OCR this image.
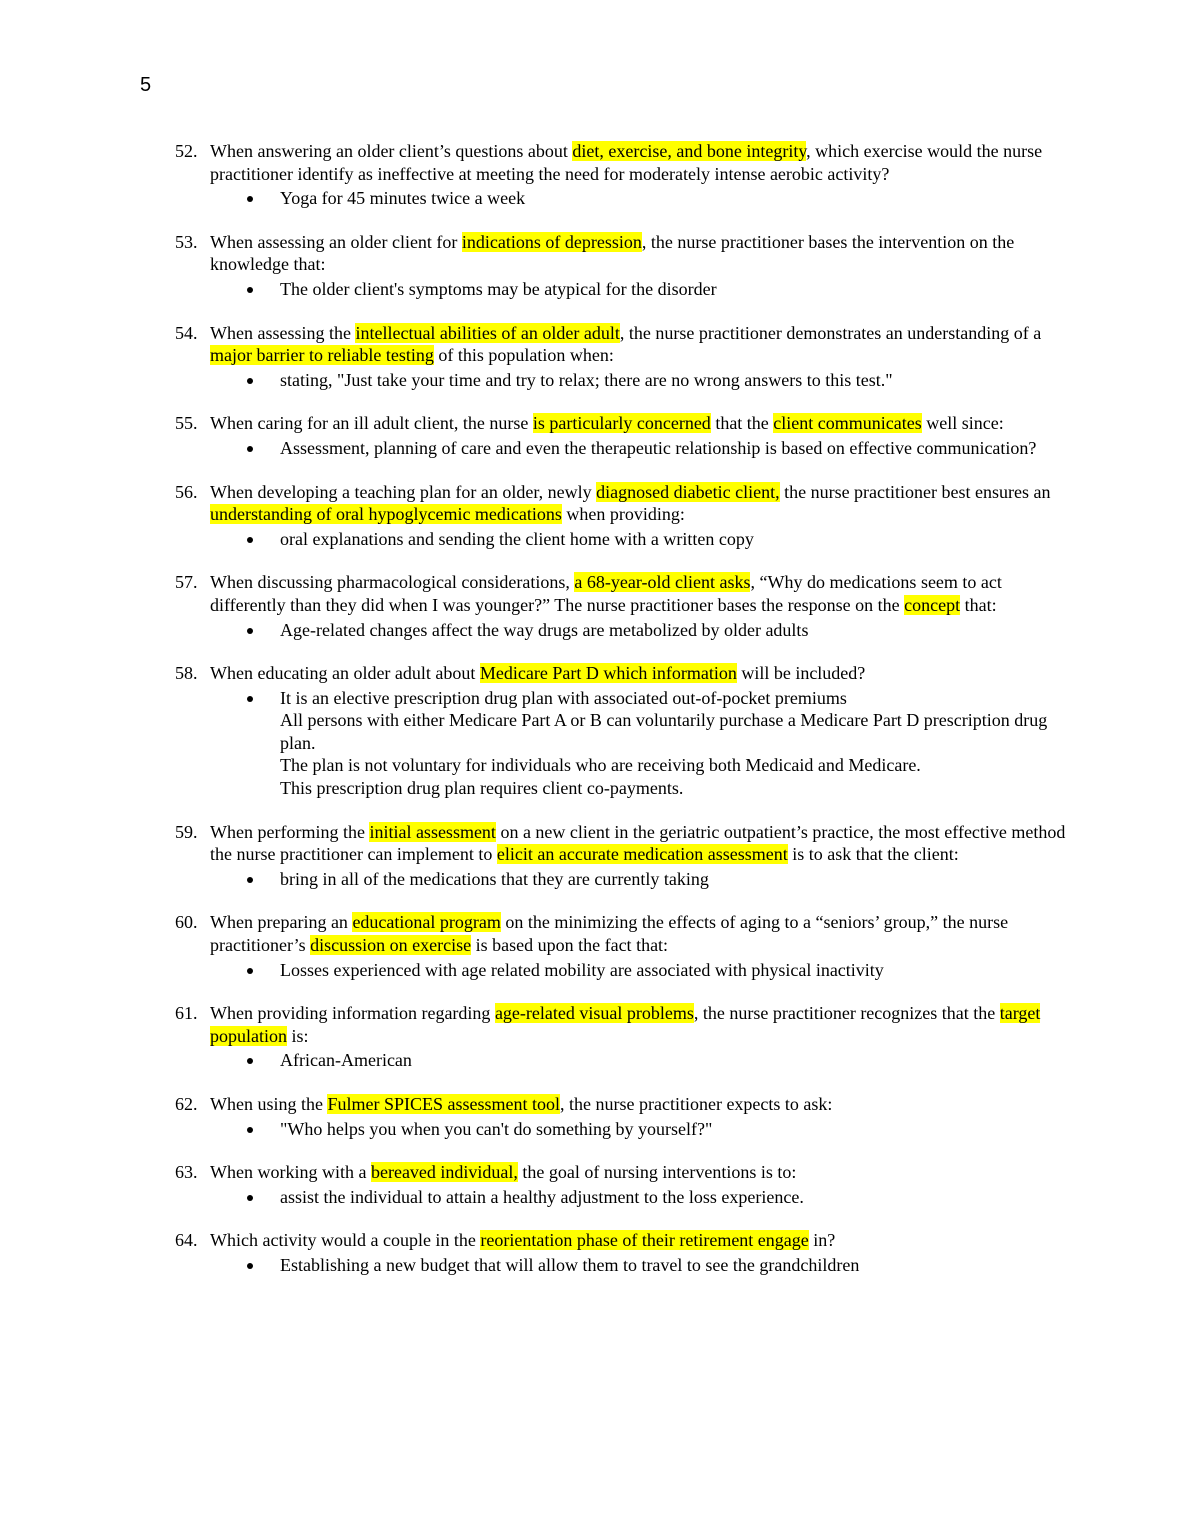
5
52. When answering an older client’s questions about diet, exercise, and bone integrity, which exercise would the nurse practitioner identify as ineffective at meeting the need for moderately intense aerobic activity?
Yoga for 45 minutes twice a week
53. When assessing an older client for indications of depression, the nurse practitioner bases the intervention on the knowledge that:
The older client's symptoms may be atypical for the disorder
54. When assessing the intellectual abilities of an older adult, the nurse practitioner demonstrates an understanding of a major barrier to reliable testing of this population when:
stating, "Just take your time and try to relax; there are no wrong answers to this test."
55. When caring for an ill adult client, the nurse is particularly concerned that the client communicates well since:
Assessment, planning of care and even the therapeutic relationship is based on effective communication?
56. When developing a teaching plan for an older, newly diagnosed diabetic client, the nurse practitioner best ensures an understanding of oral hypoglycemic medications when providing:
oral explanations and sending the client home with a written copy
57. When discussing pharmacological considerations, a 68-year-old client asks, “Why do medications seem to act differently than they did when I was younger?” The nurse practitioner bases the response on the concept that:
Age-related changes affect the way drugs are metabolized by older adults
58. When educating an older adult about Medicare Part D which information will be included?
It is an elective prescription drug plan with associated out-of-pocket premiums
All persons with either Medicare Part A or B can voluntarily purchase a Medicare Part D prescription drug plan.
The plan is not voluntary for individuals who are receiving both Medicaid and Medicare.
This prescription drug plan requires client co-payments.
59. When performing the initial assessment on a new client in the geriatric outpatient’s practice, the most effective method the nurse practitioner can implement to elicit an accurate medication assessment is to ask that the client:
bring in all of the medications that they are currently taking
60. When preparing an educational program on the minimizing the effects of aging to a “seniors’ group,” the nurse practitioner’s discussion on exercise is based upon the fact that:
Losses experienced with age related mobility are associated with physical inactivity
61. When providing information regarding age-related visual problems, the nurse practitioner recognizes that the target population is:
African-American
62. When using the Fulmer SPICES assessment tool, the nurse practitioner expects to ask:
"Who helps you when you can't do something by yourself?"
63. When working with a bereaved individual, the goal of nursing interventions is to:
assist the individual to attain a healthy adjustment to the loss experience.
64. Which activity would a couple in the reorientation phase of their retirement engage in?
Establishing a new budget that will allow them to travel to see the grandchildren
